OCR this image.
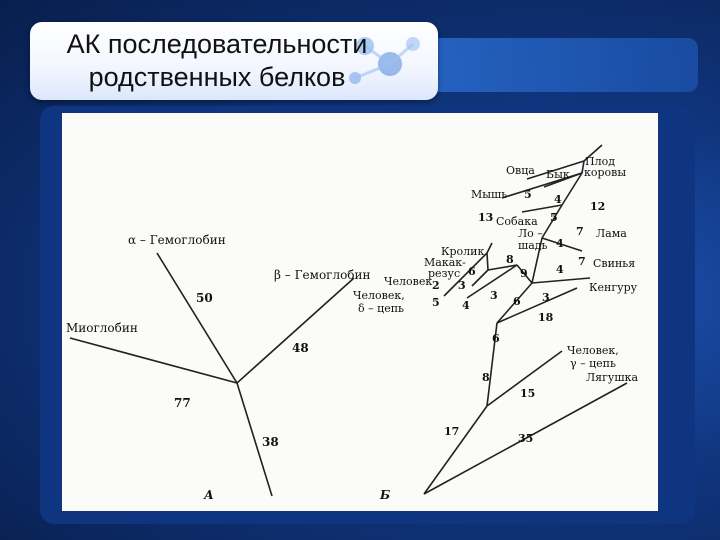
АК последовательности
родственных белков
α – Гемоглобин
β – Гемоглобин
Миоглобин
50
48
77
38
А
Овца Бык
Плод
коровы
Мышь
Собака
Ло –
шадь
Лама
Кролик
Макак-
резус
Свинья
Человек	Кенгуру
Человек,
δ – цепь
Человек,
γ – цепь
Лягушка
5 4
12
13	5
7
4
7
4
6
2 3
8
9
5 4
3 6 3
18
6
8
15
17
35
Б
